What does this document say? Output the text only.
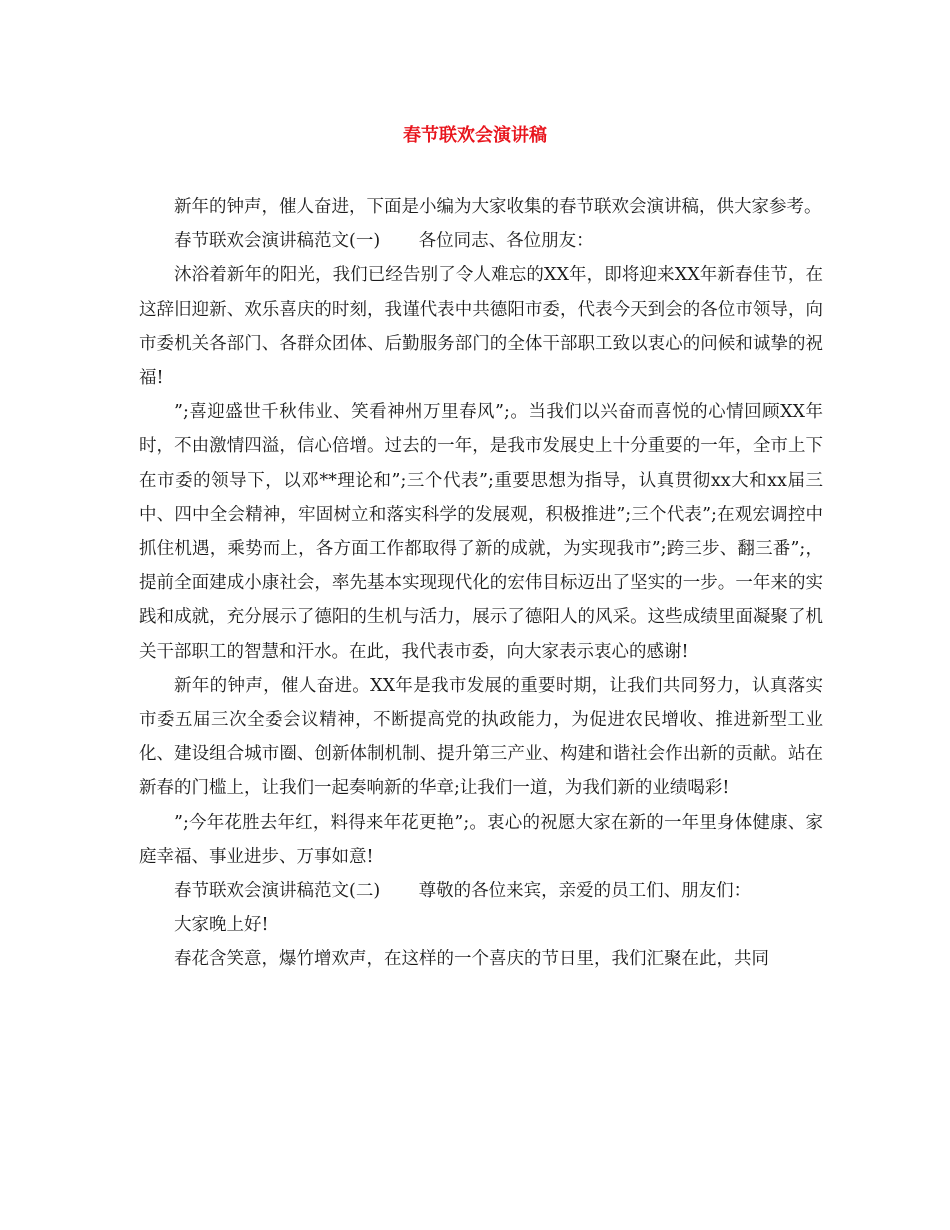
春节联欢会演讲稿

新年的钟声，催人奋进，下面是小编为大家收集的春节联欢会演讲稿，供大家参考。

春节联欢会演讲稿范文(一) 各位同志、各位朋友：

沐浴着新年的阳光，我们已经告别了令人难忘的XX年，即将迎来XX年新春佳节，在这辞旧迎新、欢乐喜庆的时刻，我谨代表中共德阳市委，代表今天到会的各位市领导，向市委机关各部门、各群众团体、后勤服务部门的全体干部职工致以衷心的问候和诚挚的祝福!

”;喜迎盛世千秋伟业、笑看神州万里春风”;。当我们以兴奋而喜悦的心情回顾XX年时，不由激情四溢，信心倍增。过去的一年，是我市发展史上十分重要的一年，全市上下在市委的领导下，以邓**理论和”;三个代表”;重要思想为指导，认真贯彻xx大和xx届三中、四中全会精神，牢固树立和落实科学的发展观，积极推进”;三个代表”;在观宏调控中抓住机遇，乘势而上，各方面工作都取得了新的成就，为实现我市”;跨三步、翻三番”;，提前全面建成小康社会，率先基本实现现代化的宏伟目标迈出了坚实的一步。一年来的实践和成就，充分展示了德阳的生机与活力，展示了德阳人的风采。这些成绩里面凝聚了机关干部职工的智慧和汗水。在此，我代表市委，向大家表示衷心的感谢!

新年的钟声，催人奋进。XX年是我市发展的重要时期，让我们共同努力，认真落实市委五届三次全委会议精神，不断提高党的执政能力，为促进农民增收、推进新型工业化、建设组合城市圈、创新体制机制、提升第三产业、构建和谐社会作出新的贡献。站在新春的门槛上，让我们一起奏响新的华章;让我们一道，为我们新的业绩喝彩!

”;今年花胜去年红，料得来年花更艳”;。衷心的祝愿大家在新的一年里身体健康、家庭幸福、事业进步、万事如意!

春节联欢会演讲稿范文(二) 尊敬的各位来宾，亲爱的员工们、朋友们：

大家晚上好!

春花含笑意，爆竹增欢声，在这样的一个喜庆的节日里，我们汇聚在此，共同
